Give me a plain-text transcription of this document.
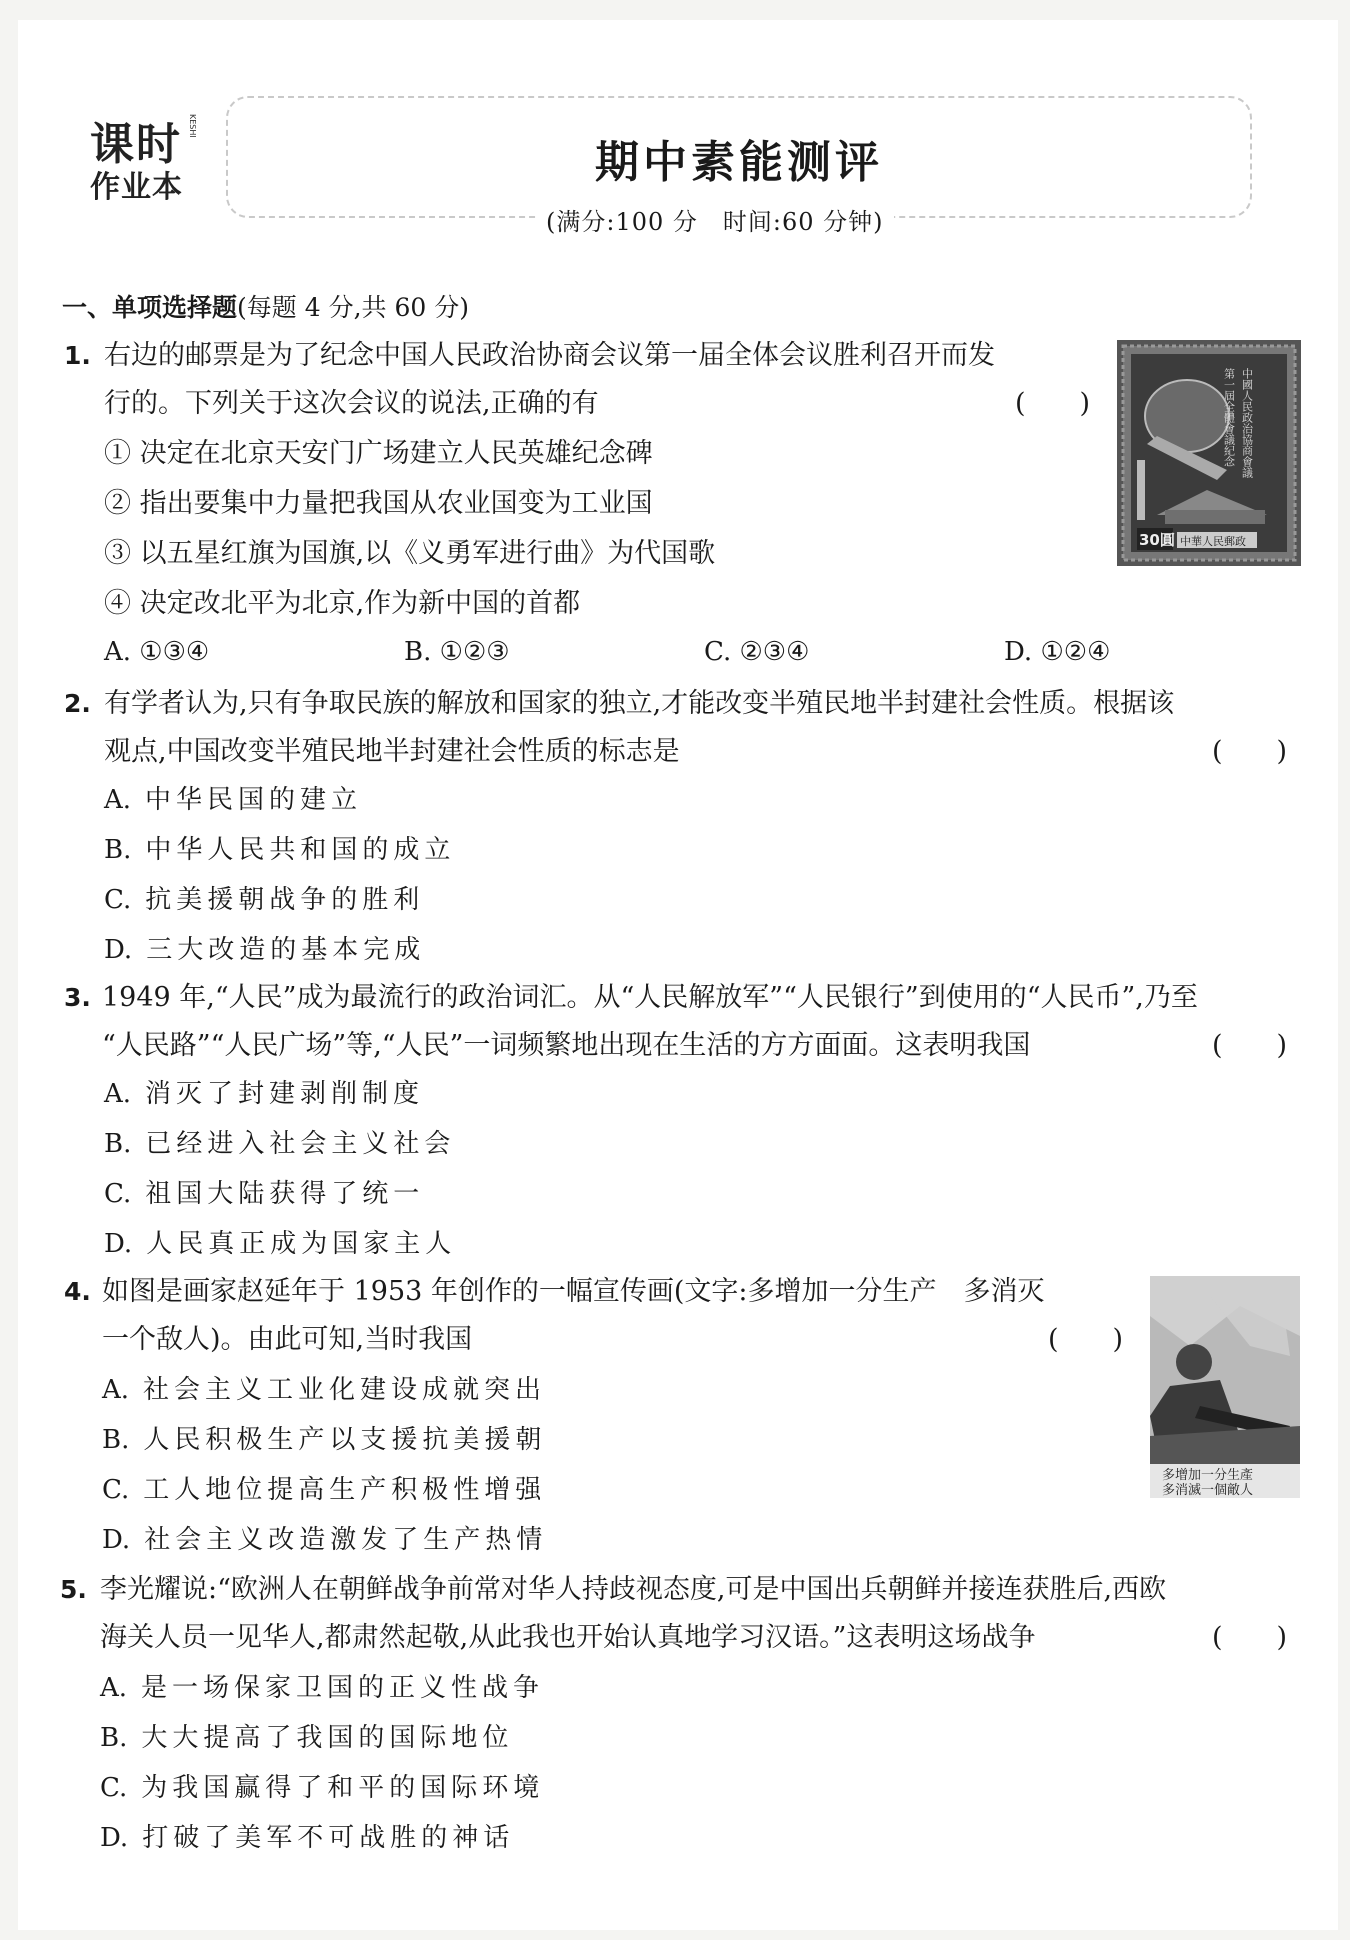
课时 KESHI
作业本	期中素能测评
(满分:100 分　时间:60 分钟)
一、单项选择题(每题 4 分,共 60 分)
1. 右边的邮票是为了纪念中国人民政治协商会议第一届全体会议胜利召开而发
行的。下列关于这次会议的说法,正确的有	(　　)
① 决定在北京天安门广场建立人民英雄纪念碑
② 指出要集中力量把我国从农业国变为工业国
③ 以五星红旗为国旗,以《义勇军进行曲》为代国歌
④ 决定改北平为北京,作为新中国的首都
A. ①③④	B. ①②③	C. ②③④	D. ①②④
中國人民政治協商會議
第一屆全體會議紀念
30圓 中華人民郵政
2. 有学者认为,只有争取民族的解放和国家的独立,才能改变半殖民地半封建社会性质。根据该
观点,中国改变半殖民地半封建社会性质的标志是	(　　)
A. 中华民国的建立
B. 中华人民共和国的成立
C. 抗美援朝战争的胜利
D. 三大改造的基本完成
3. 1949 年,“人民”成为最流行的政治词汇。从“人民解放军”“人民银行”到使用的“人民币”,乃至
“人民路”“人民广场”等,“人民”一词频繁地出现在生活的方方面面。这表明我国	(　　)
A. 消灭了封建剥削制度
B. 已经进入社会主义社会
C. 祖国大陆获得了统一
D. 人民真正成为国家主人
4. 如图是画家赵延年于 1953 年创作的一幅宣传画(文字:多增加一分生产　多消灭
一个敌人)。由此可知,当时我国	(　　)
A. 社会主义工业化建设成就突出
B. 人民积极生产以支援抗美援朝
C. 工人地位提高生产积极性增强
D. 社会主义改造激发了生产热情
多增加一分生產
多消滅一個敵人
5. 李光耀说:“欧洲人在朝鲜战争前常对华人持歧视态度,可是中国出兵朝鲜并接连获胜后,西欧
海关人员一见华人,都肃然起敬,从此我也开始认真地学习汉语。”这表明这场战争	(　　)
A. 是一场保家卫国的正义性战争
B. 大大提高了我国的国际地位
C. 为我国赢得了和平的国际环境
D. 打破了美军不可战胜的神话
